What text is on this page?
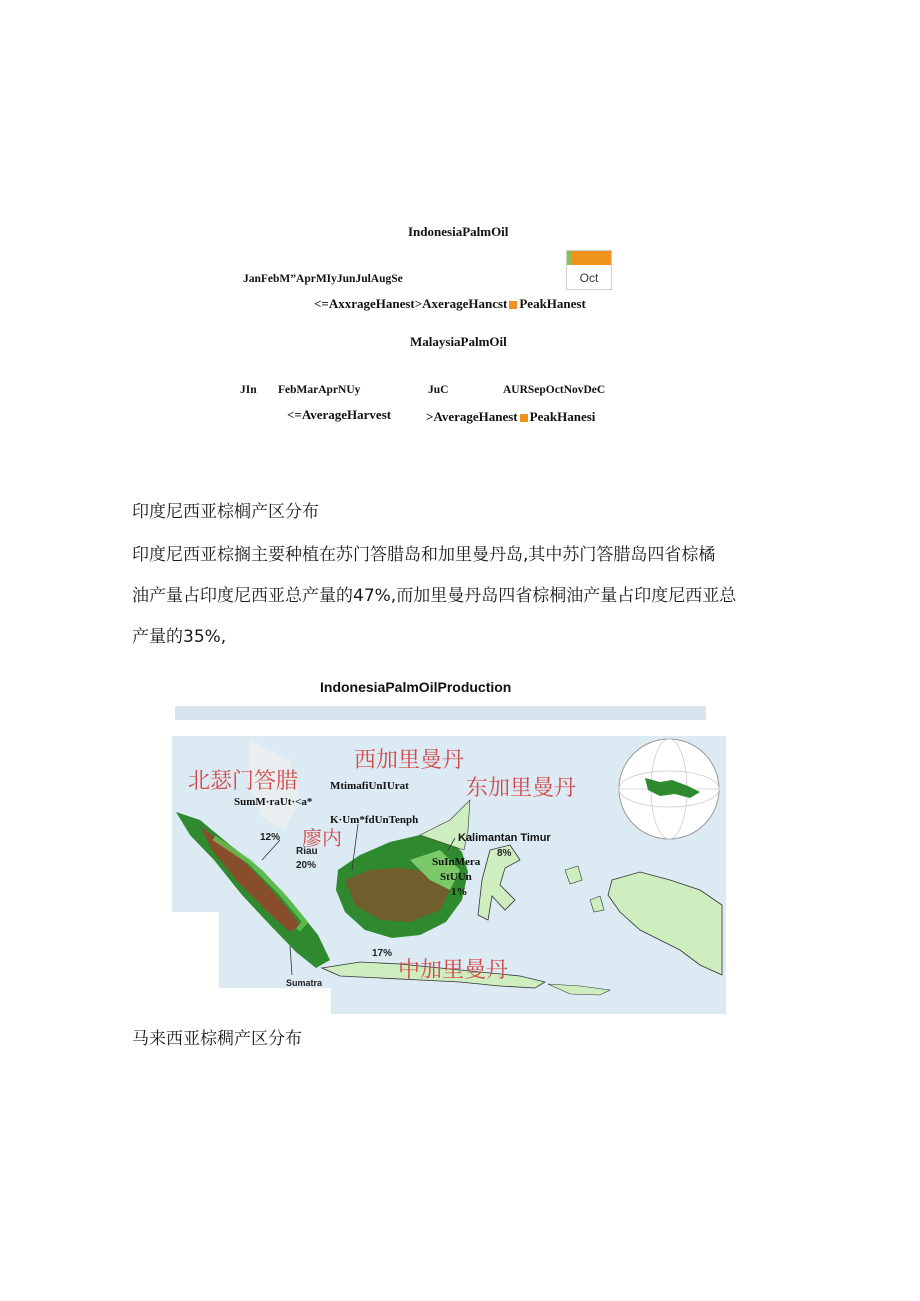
IndonesiaPalmOil
JanFebM”AprMIyJunJulAugSe	Oct
<=AxxrageHanest>AxerageHancst PeakHanest
MalaysiaPalmOil
JIn FebMarAprNUy	JuC	AURSepOctNovDeC
<=AverageHarvest	>AverageHanest PeakHanesi
印度尼西亚棕榈产区分布
印度尼西亚棕搁主要种植在苏门答腊岛和加里曼丹岛,其中苏门答腊岛四省棕橘
油产量占印度尼西亚总产量的47%,而加里曼丹岛四省棕桐油产量占印度尼西亚总
产量的35%,
IndonesiaPalmOilProduction
北瑟门答腊
西加里曼丹
东加里曼丹
中加里曼丹
廖内
SumM·raUt·<a*
MtimafiUnIUrat
K·Um*fdUnTenph
Kalimantan Timur
SuInMera
StUUn
1%
12%
Riau
20%
8%
17%
Sumatra
马来西亚棕稠产区分布
